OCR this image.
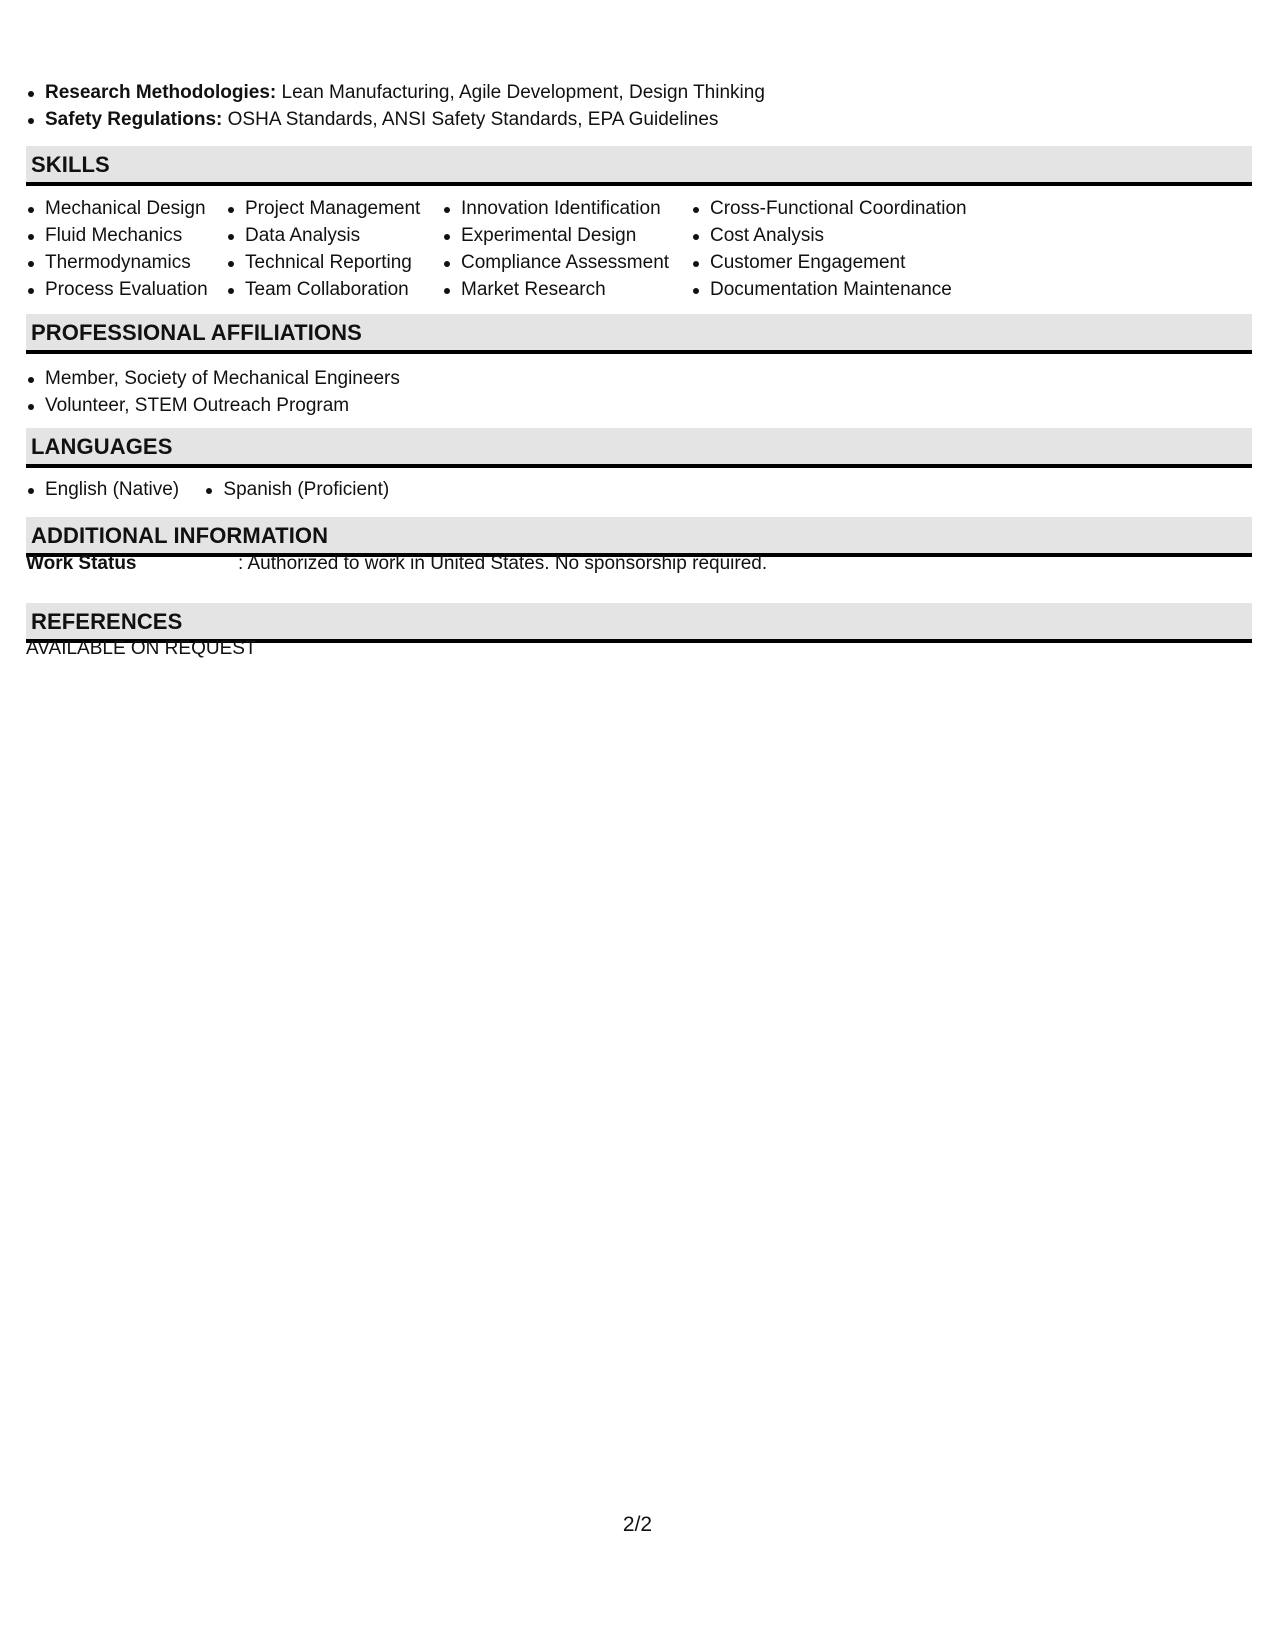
Research Methodologies: Lean Manufacturing, Agile Development, Design Thinking
Safety Regulations: OSHA Standards, ANSI Safety Standards, EPA Guidelines
SKILLS
Mechanical Design
Fluid Mechanics
Thermodynamics
Process Evaluation
Project Management
Data Analysis
Technical Reporting
Team Collaboration
Innovation Identification
Experimental Design
Compliance Assessment
Market Research
Cross-Functional Coordination
Cost Analysis
Customer Engagement
Documentation Maintenance
PROFESSIONAL AFFILIATIONS
Member, Society of Mechanical Engineers
Volunteer, STEM Outreach Program
LANGUAGES
English (Native) Spanish (Proficient)
ADDITIONAL INFORMATION
Work Status	: Authorized to work in United States. No sponsorship required.
REFERENCES
AVAILABLE ON REQUEST
2/2
